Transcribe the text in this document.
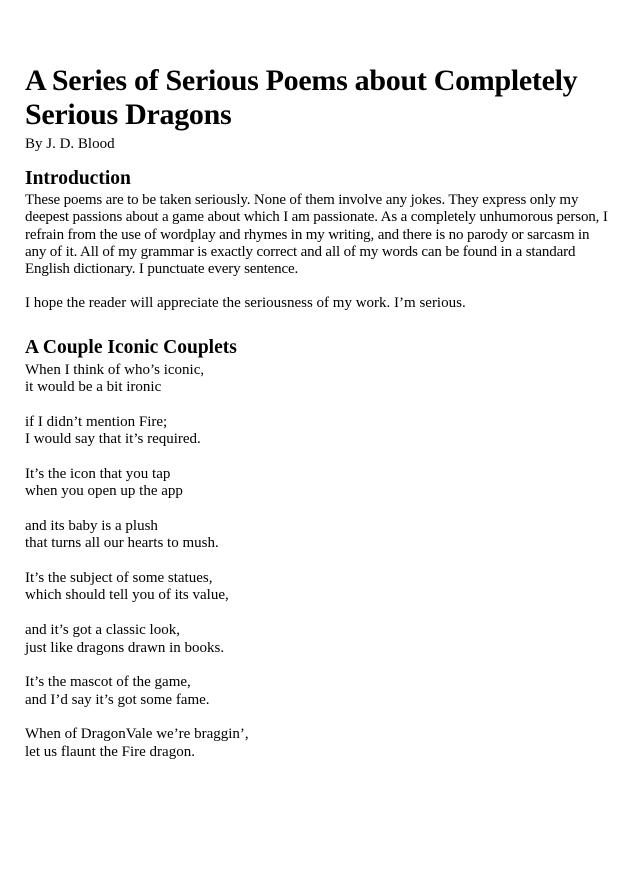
A Series of Serious Poems about Completely Serious Dragons

By J. D. Blood

Introduction

These poems are to be taken seriously. None of them involve any jokes. They express only my deepest passions about a game about which I am passionate. As a completely unhumorous person, I refrain from the use of wordplay and rhymes in my writing, and there is no parody or sarcasm in any of it. All of my grammar is exactly correct and all of my words can be found in a standard English dictionary. I punctuate every sentence.

I hope the reader will appreciate the seriousness of my work. I’m serious.

A Couple Iconic Couplets
When I think of who’s iconic,
it would be a bit ironic
if I didn’t mention Fire;
I would say that it’s required.
It’s the icon that you tap
when you open up the app
and its baby is a plush
that turns all our hearts to mush.
It’s the subject of some statues,
which should tell you of its value,
and it’s got a classic look,
just like dragons drawn in books.
It’s the mascot of the game,
and I’d say it’s got some fame.
When of DragonVale we’re braggin’,
let us flaunt the Fire dragon.
